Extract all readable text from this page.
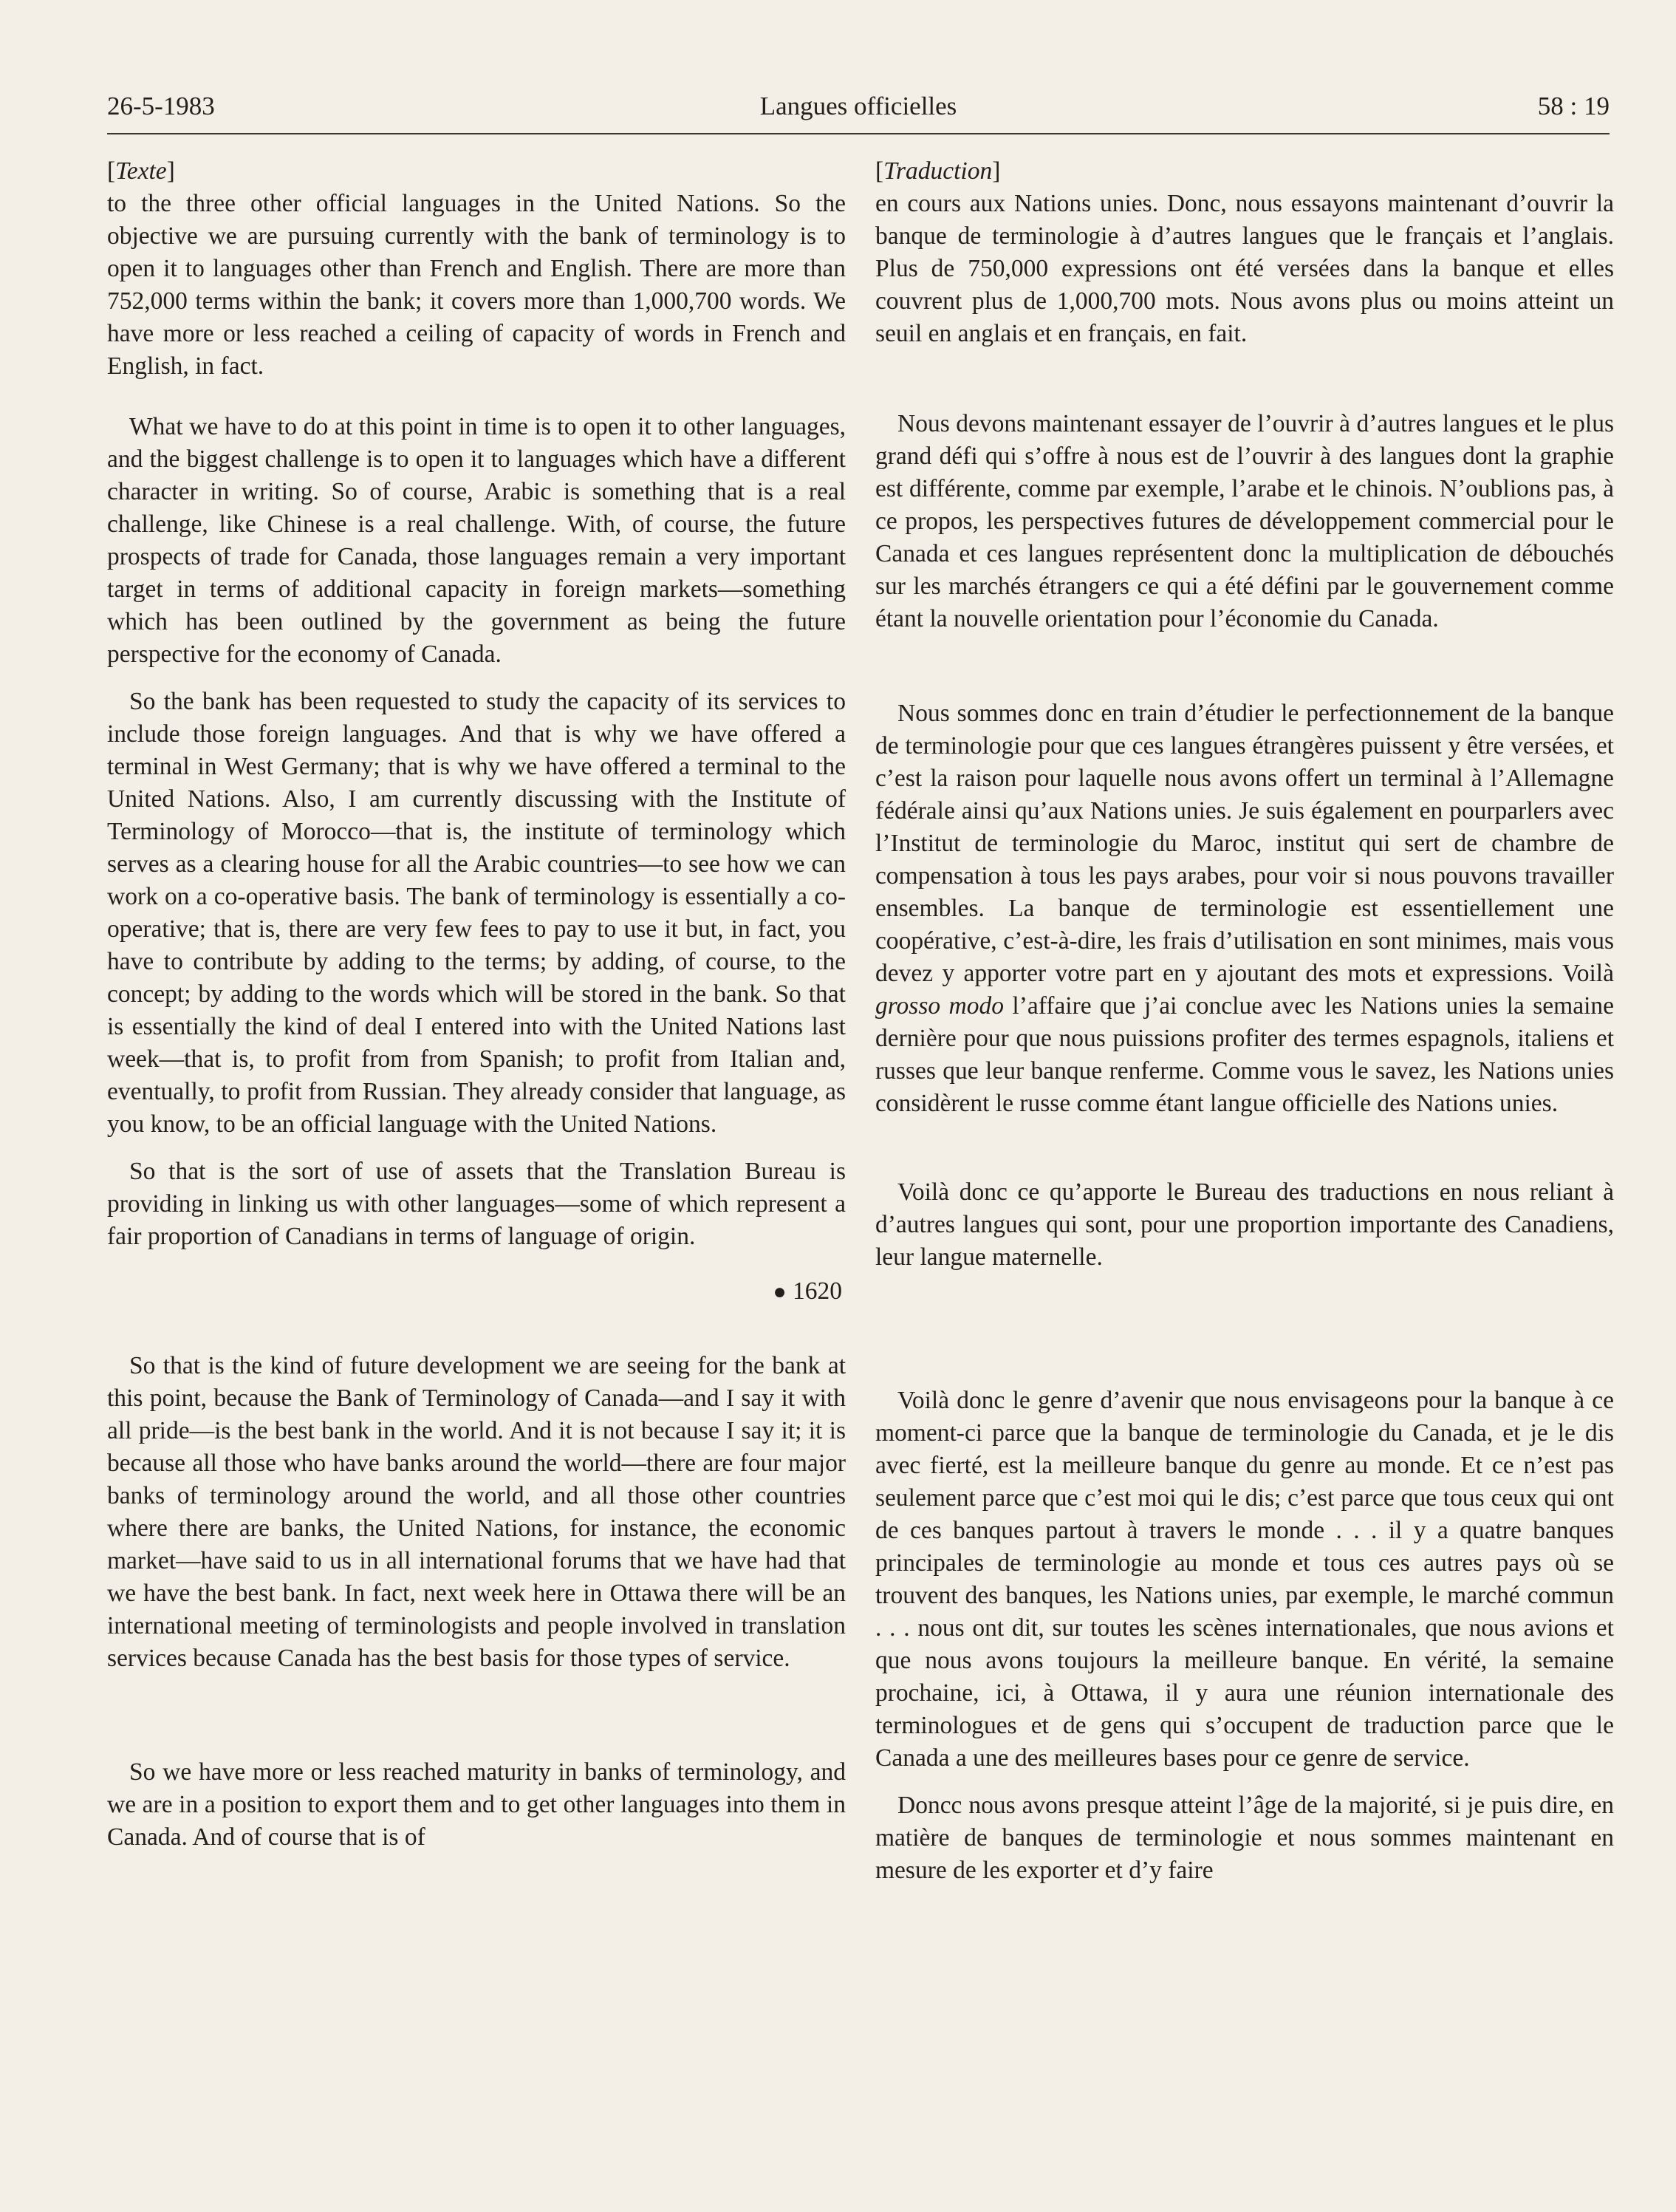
26-5-1983	Langues officielles	58 : 19

[Texte]

to the three other official languages in the United Nations. So the objective we are pursuing currently with the bank of terminology is to open it to languages other than French and English. There are more than 752,000 terms within the bank; it covers more than 1,000,700 words. We have more or less reached a ceiling of capacity of words in French and English, in fact.

What we have to do at this point in time is to open it to other languages, and the biggest challenge is to open it to languages which have a different character in writing. So of course, Arabic is something that is a real challenge, like Chinese is a real challenge. With, of course, the future prospects of trade for Canada, those languages remain a very important target in terms of additional capacity in foreign markets—something which has been outlined by the government as being the future perspective for the economy of Canada.

So the bank has been requested to study the capacity of its services to include those foreign languages. And that is why we have offered a terminal in West Germany; that is why we have offered a terminal to the United Nations. Also, I am currently discussing with the Institute of Terminology of Morocco—that is, the institute of terminology which serves as a clearing house for all the Arabic countries—to see how we can work on a co-operative basis. The bank of terminology is essentially a co-operative; that is, there are very few fees to pay to use it but, in fact, you have to contribute by adding to the terms; by adding, of course, to the concept; by adding to the words which will be stored in the bank. So that is essentially the kind of deal I entered into with the United Nations last week—that is, to profit from from Spanish; to profit from Italian and, eventually, to profit from Russian. They already consider that language, as you know, to be an official language with the United Nations.

So that is the sort of use of assets that the Translation Bureau is providing in linking us with other languages—some of which represent a fair proportion of Canadians in terms of language of origin.

● 1620

So that is the kind of future development we are seeing for the bank at this point, because the Bank of Terminology of Canada—and I say it with all pride—is the best bank in the world. And it is not because I say it; it is because all those who have banks around the world—there are four major banks of terminology around the world, and all those other countries where there are banks, the United Nations, for instance, the economic market—have said to us in all international forums that we have had that we have the best bank. In fact, next week here in Ottawa there will be an international meeting of terminologists and people involved in translation services because Canada has the best basis for those types of service.

So we have more or less reached maturity in banks of terminology, and we are in a position to export them and to get other languages into them in Canada. And of course that is of

[Traduction]

en cours aux Nations unies. Donc, nous essayons maintenant d’ouvrir la banque de terminologie à d’autres langues que le français et l’anglais. Plus de 750,000 expressions ont été versées dans la banque et elles couvrent plus de 1,000,700 mots. Nous avons plus ou moins atteint un seuil en anglais et en français, en fait.

Nous devons maintenant essayer de l’ouvrir à d’autres langues et le plus grand défi qui s’offre à nous est de l’ouvrir à des langues dont la graphie est différente, comme par exemple, l’arabe et le chinois. N’oublions pas, à ce propos, les perspectives futures de développement commercial pour le Canada et ces langues représentent donc la multiplication de débouchés sur les marchés étrangers ce qui a été défini par le gouvernement comme étant la nouvelle orientation pour l’économie du Canada.

Nous sommes donc en train d’étudier le perfectionnement de la banque de terminologie pour que ces langues étrangères puissent y être versées, et c’est la raison pour laquelle nous avons offert un terminal à l’Allemagne fédérale ainsi qu’aux Nations unies. Je suis également en pourparlers avec l’Institut de terminologie du Maroc, institut qui sert de chambre de compensation à tous les pays arabes, pour voir si nous pouvons travailler ensembles. La banque de terminologie est essentiellement une coopérative, c’est-à-dire, les frais d’utilisation en sont minimes, mais vous devez y apporter votre part en y ajoutant des mots et expressions. Voilà grosso modo l’affaire que j’ai conclue avec les Nations unies la semaine dernière pour que nous puissions profiter des termes espagnols, italiens et russes que leur banque renferme. Comme vous le savez, les Nations unies considèrent le russe comme étant langue officielle des Nations unies.

Voilà donc ce qu’apporte le Bureau des traductions en nous reliant à d’autres langues qui sont, pour une proportion importante des Canadiens, leur langue maternelle.

Voilà donc le genre d’avenir que nous envisageons pour la banque à ce moment-ci parce que la banque de terminologie du Canada, et je le dis avec fierté, est la meilleure banque du genre au monde. Et ce n’est pas seulement parce que c’est moi qui le dis; c’est parce que tous ceux qui ont de ces banques partout à travers le monde . . . il y a quatre banques principales de terminologie au monde et tous ces autres pays où se trouvent des banques, les Nations unies, par exemple, le marché commun . . . nous ont dit, sur toutes les scènes internationales, que nous avions et que nous avons toujours la meilleure banque. En vérité, la semaine prochaine, ici, à Ottawa, il y aura une réunion internationale des terminologues et de gens qui s’occupent de traduction parce que le Canada a une des meilleures bases pour ce genre de service.

Doncc nous avons presque atteint l’âge de la majorité, si je puis dire, en matière de banques de terminologie et nous sommes maintenant en mesure de les exporter et d’y faire
